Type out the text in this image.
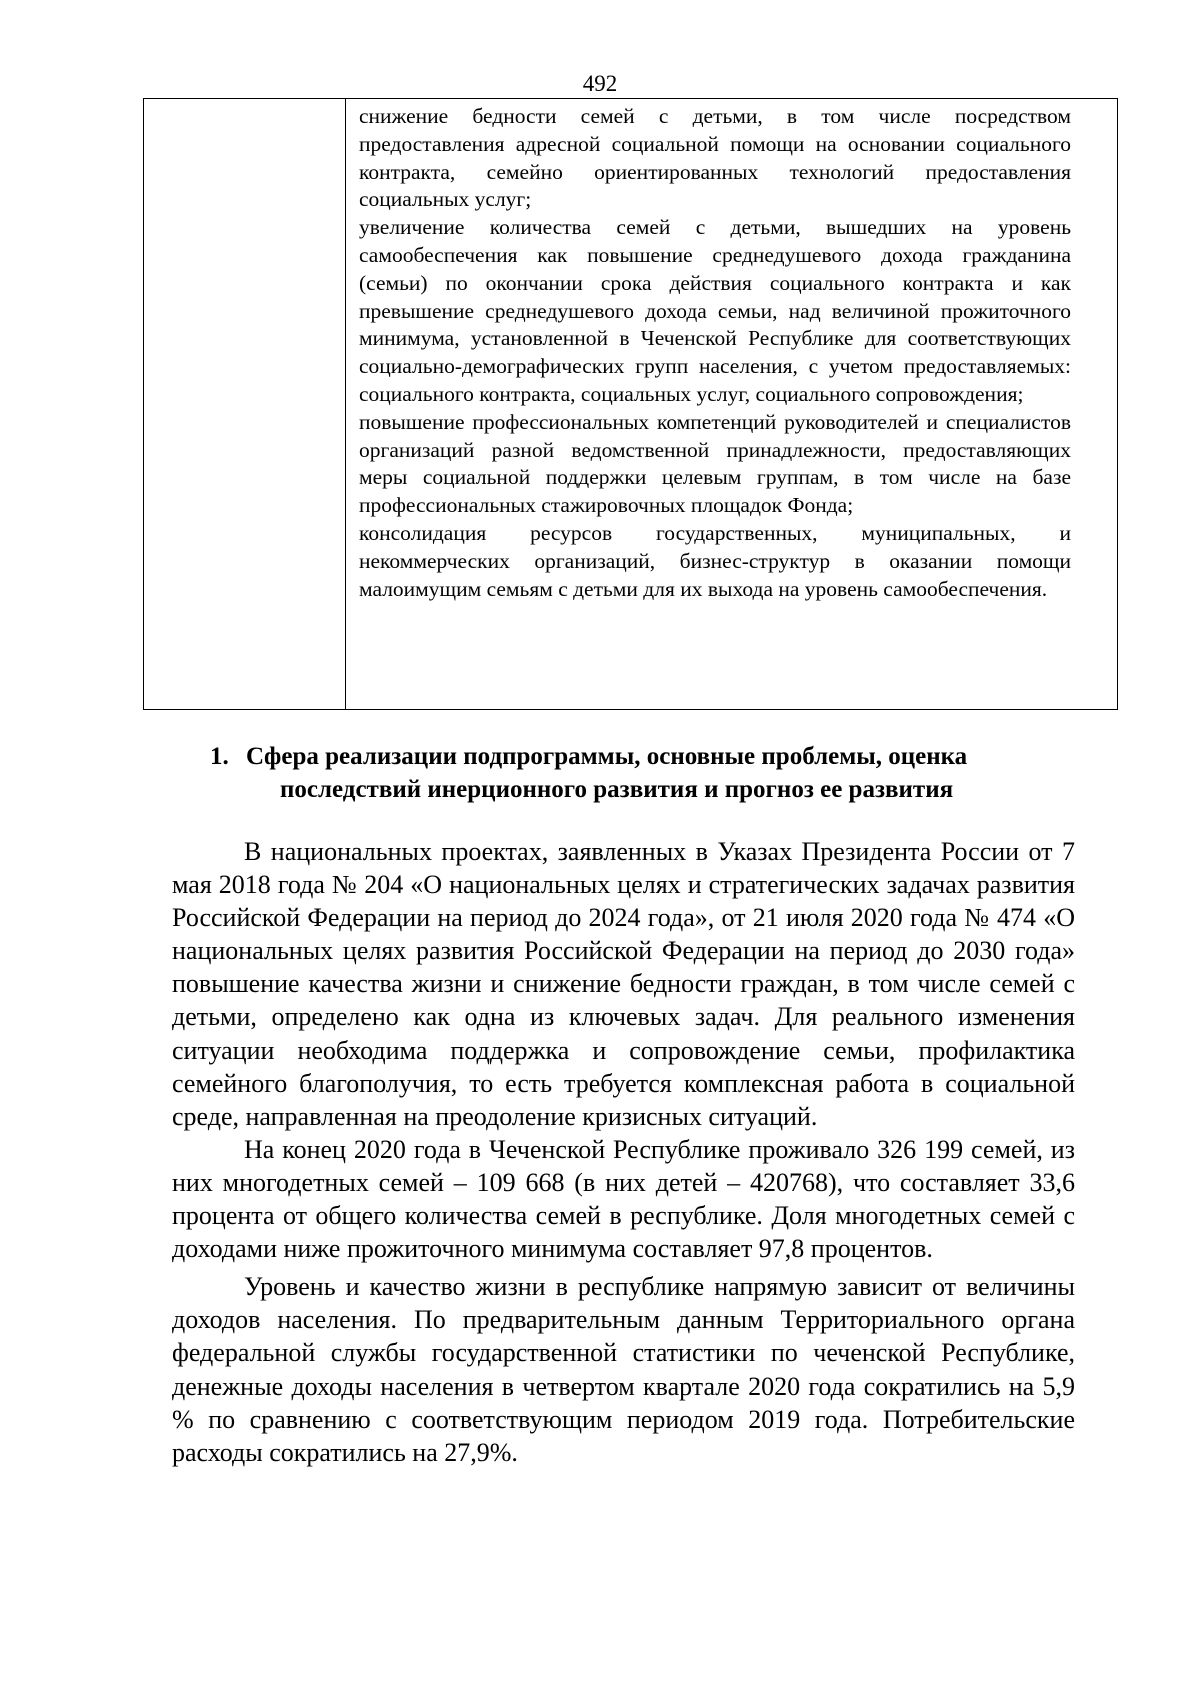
492

снижение бедности семей с детьми, в том числе посредством предоставления адресной социальной помощи на основании социального контракта, семейно ориентированных технологий предоставления социальных услуг;

увеличение количества семей с детьми, вышедших на уровень самообеспечения как повышение среднедушевого дохода гражданина (семьи) по окончании срока действия социального контракта и как превышение среднедушевого дохода семьи, над величиной прожиточного минимума, установленной в Чеченской Республике для соответствующих социально-демографических групп населения, с учетом предоставляемых: социального контракта, социальных услуг, социального сопровождения;

повышение профессиональных компетенций руководителей и специалистов организаций разной ведомственной принадлежности, предоставляющих меры социальной поддержки целевым группам, в том числе на базе профессиональных стажировочных площадок Фонда;

консолидация ресурсов государственных, муниципальных, и некоммерческих организаций, бизнес-структур в оказании помощи малоимущим семьям с детьми для их выхода на уровень самообеспечения.

1. Сфера реализации подпрограммы, основные проблемы, оценка
последствий инерционного развития и прогноз ее развития

В национальных проектах, заявленных в Указах Президента России от 7 мая 2018 года № 204 «О национальных целях и стратегических задачах развития Российской Федерации на период до 2024 года», от 21 июля 2020 года № 474 «О национальных целях развития Российской Федерации на период до 2030 года» повышение качества жизни и снижение бедности граждан, в том числе семей с детьми, определено как одна из ключевых задач. Для реального изменения ситуации необходима поддержка и сопровождение семьи, профилактика семейного благополучия, то есть требуется комплексная работа в социальной среде, направленная на преодоление кризисных ситуаций.

На конец 2020 года в Чеченской Республике проживало 326 199 семей, из них многодетных семей – 109 668 (в них детей – 420768), что составляет 33,6 процента от общего количества семей в республике. Доля многодетных семей с доходами ниже прожиточного минимума составляет 97,8 процентов.

Уровень и качество жизни в республике напрямую зависит от величины доходов населения. По предварительным данным Территориального органа федеральной службы государственной статистики по чеченской Республике, денежные доходы населения в четвертом квартале 2020 года сократились на 5,9 % по сравнению с соответствующим периодом 2019 года. Потребительские расходы сократились на 27,9%.
